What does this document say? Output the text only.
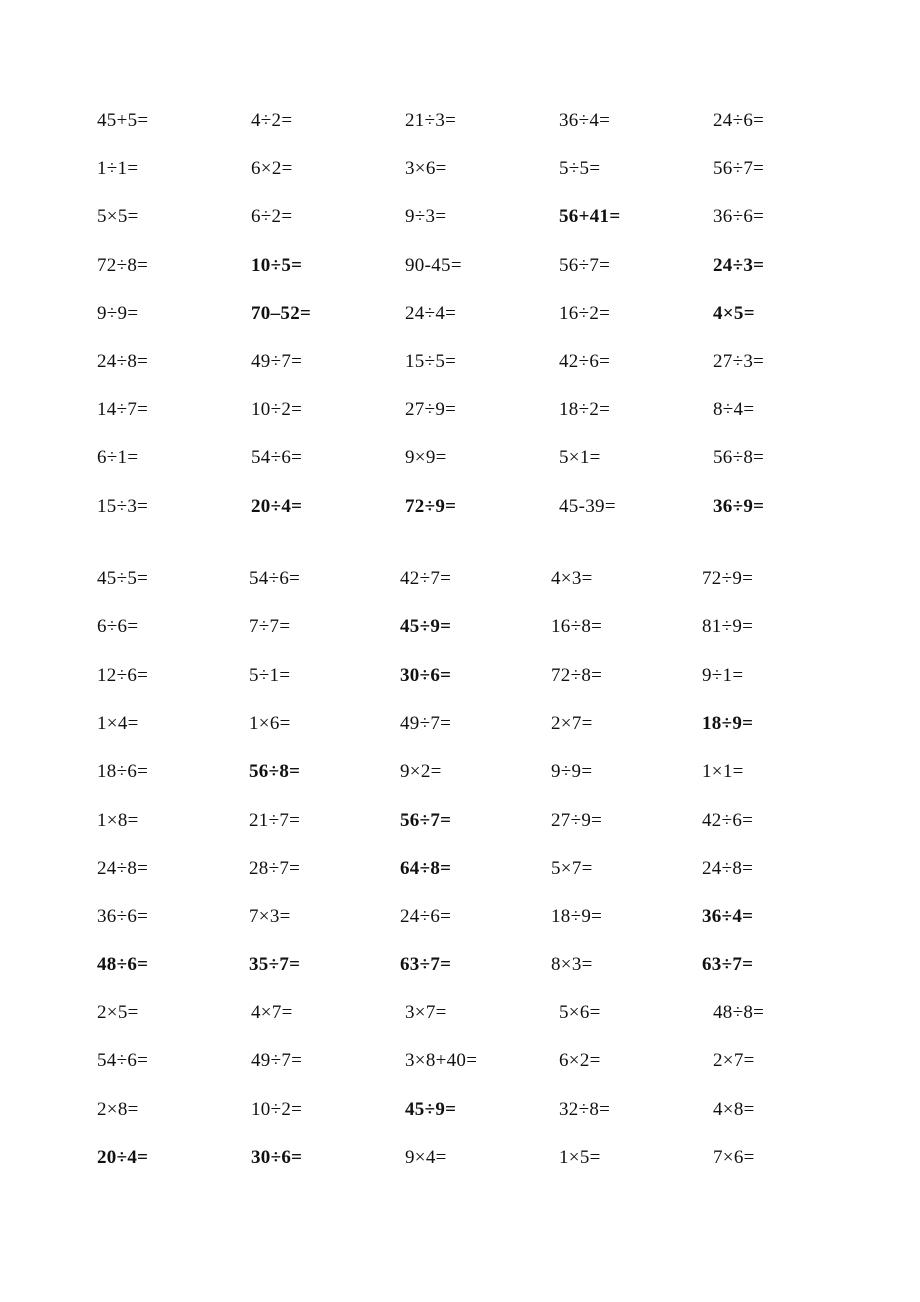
45+5=	4÷2=	21÷3=	36÷4=	24÷6=
1÷1=	6×2=	3×6=	5÷5=	56÷7=
5×5=	6÷2=	9÷3=	56+41=	36÷6=
72÷8=	10÷5=	90-45=	56÷7=	24÷3=
9÷9=	70–52=	24÷4=	16÷2=	4×5=
24÷8=	49÷7=	15÷5=	42÷6=	27÷3=
14÷7=	10÷2=	27÷9=	18÷2=	8÷4=
6÷1=	54÷6=	9×9=	5×1=	56÷8=
15÷3=	20÷4=	72÷9=	45-39=	36÷9=
45÷5=	54÷6=	42÷7=	4×3=	72÷9=
6÷6=	7÷7=	45÷9=	16÷8=	81÷9=
12÷6=	5÷1=	30÷6=	72÷8=	9÷1=
1×4=	1×6=	49÷7=	2×7=	18÷9=
18÷6=	56÷8=	9×2=	9÷9=	1×1=
1×8=	21÷7=	56÷7=	27÷9=	42÷6=
24÷8=	28÷7=	64÷8=	5×7=	24÷8=
36÷6=	7×3=	24÷6=	18÷9=	36÷4=
48÷6=	35÷7=	63÷7=	8×3=	63÷7=
2×5=	4×7=	3×7=	5×6=	48÷8=
54÷6=	49÷7=	3×8+40=	6×2=	2×7=
2×8=	10÷2=	45÷9=	32÷8=	4×8=
20÷4=	30÷6=	9×4=	1×5=	7×6=
